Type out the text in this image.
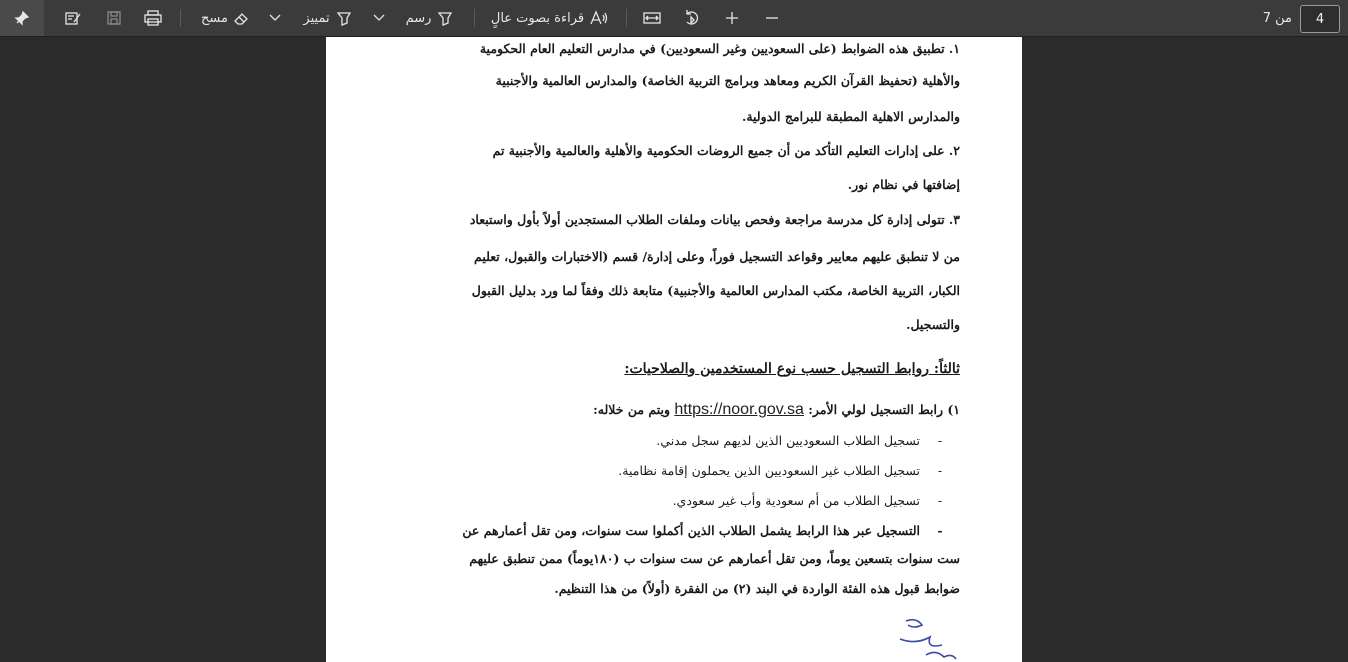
مسح	تمييز	رسم	قراءة بصوت عالٍ	من 7	4
١. تطبيق هذه الضوابط (على السعوديين وغير السعوديين) في مدارس التعليم العام الحكومية
والأهلية (تحفيظ القرآن الكريم ومعاهد وبرامج التربية الخاصة) والمدارس العالمية والأجنبية
والمدارس الاهلية المطبقة للبرامج الدولية.
٢. على إدارات التعليم التأكد من أن جميع الروضات الحكومية والأهلية والعالمية والأجنبية تم
إضافتها في نظام نور.
٣. تتولى إدارة كل مدرسة مراجعة وفحص بيانات وملفات الطلاب المستجدين أولاً بأول واستبعاد
من لا تنطبق عليهم معايير وقواعد التسجيل فوراً، وعلى إدارة/ قسم (الاختبارات والقبول، تعليم
الكبار، التربية الخاصة، مكتب المدارس العالمية والأجنبية) متابعة ذلك وفقاً لما ورد بدليل القبول
والتسجيل.
ثالثاً: روابط التسجيل حسب نوع المستخدمين والصلاحيات:
١) رابط التسجيل لولي الأمر: https://noor.gov.sa ويتم من خلاله:
-تسجيل الطلاب السعوديين الذين لديهم سجل مدني.
-تسجيل الطلاب غير السعوديين الذين يحملون إقامة نظامية.
-تسجيل الطلاب من أم سعودية وأب غير سعودي.
-التسجيل عبر هذا الرابط يشمل الطلاب الذين أكملوا ست سنوات، ومن تقل أعمارهم عن
ست سنوات بتسعين يوماً، ومن تقل أعمارهم عن ست سنوات ب (١٨٠يوماً) ممن تنطبق عليهم
ضوابط قبول هذه الفئة الواردة في البند (٢) من الفقرة (أولاً) من هذا التنظيم.
